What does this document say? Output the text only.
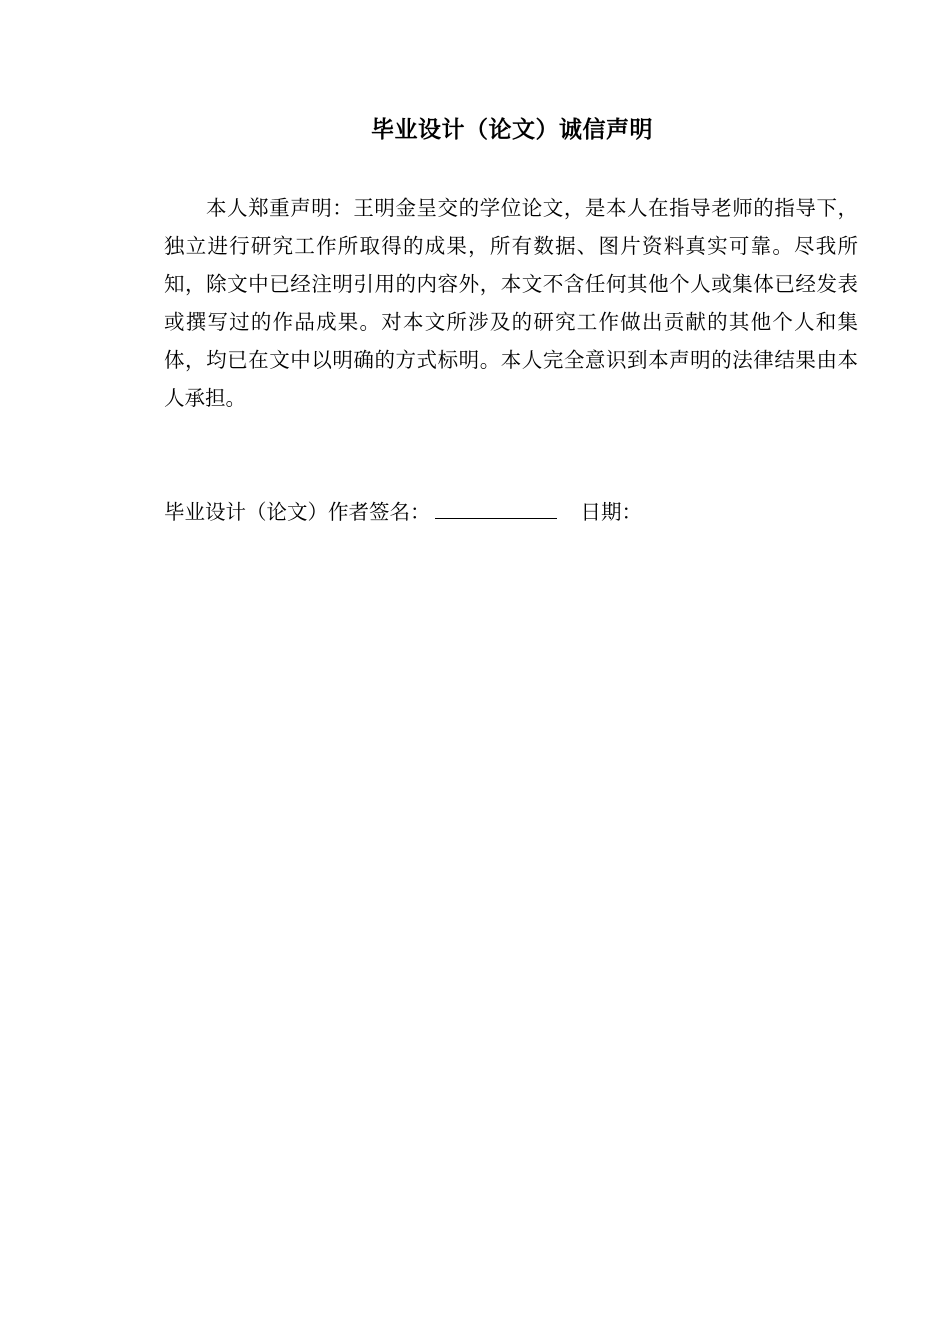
毕业设计（论文）诚信声明

本人郑重声明：王明金呈交的学位论文，是本人在指导老师的指导下，独立进行研究工作所取得的成果，所有数据、图片资料真实可靠。尽我所知，除文中已经注明引用的内容外，本文不含任何其他个人或集体已经发表或撰写过的作品成果。对本文所涉及的研究工作做出贡献的其他个人和集体，均已在文中以明确的方式标明。本人完全意识到本声明的法律结果由本人承担。

毕业设计（论文）作者签名：	日期：
